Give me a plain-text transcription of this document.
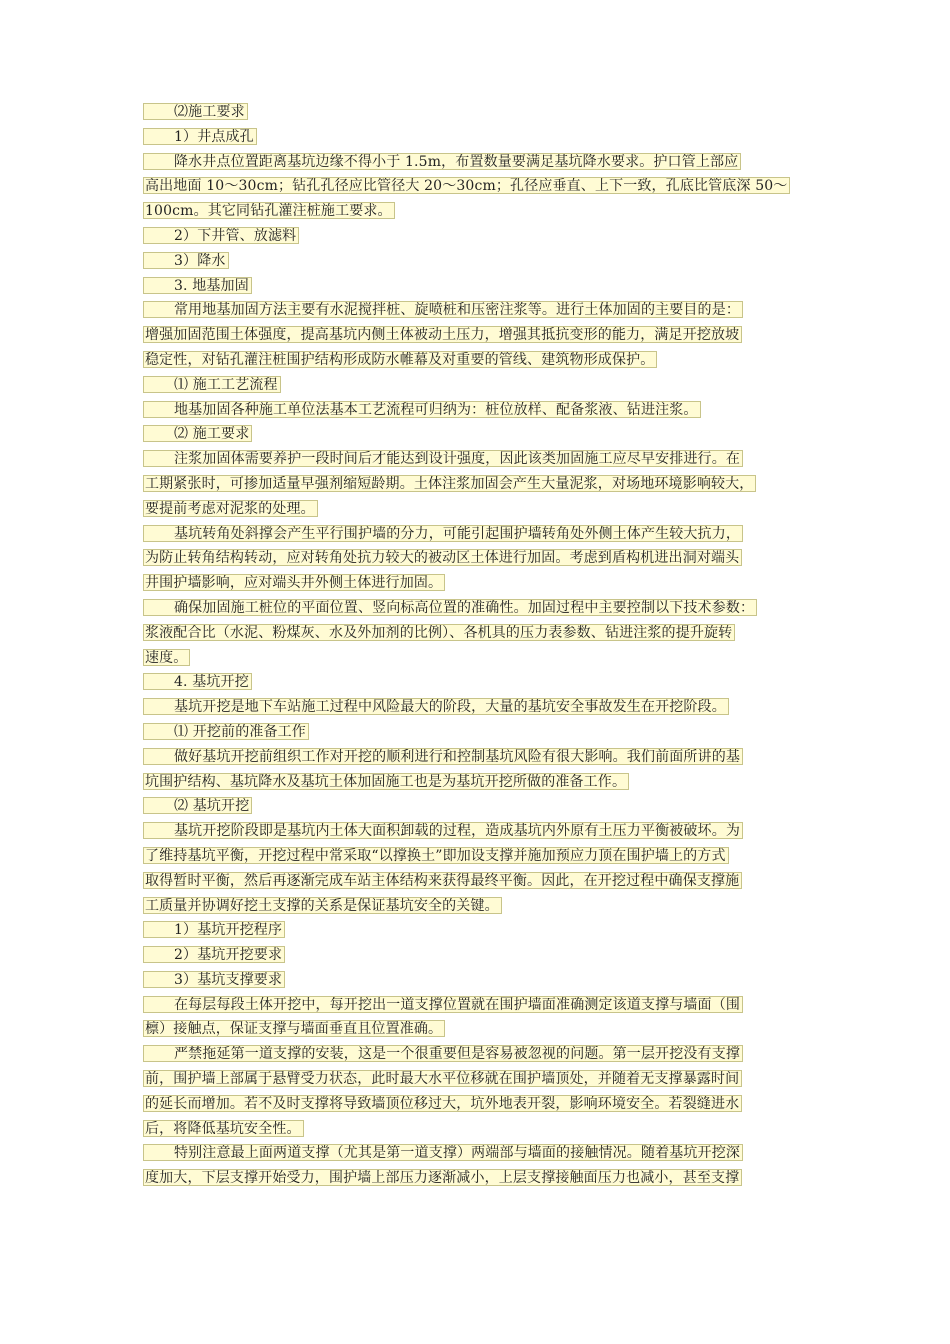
⑵施工要求
1）井点成孔
降水井点位置距离基坑边缘不得小于 1.5m，布置数量要满足基坑降水要求。护口管上部应
高出地面 10～30cm；钻孔孔径应比管径大 20～30cm；孔径应垂直、上下一致，孔底比管底深 50～
100cm。其它同钻孔灌注桩施工要求。
2）下井管、放滤料
3）降水
3. 地基加固
常用地基加固方法主要有水泥搅拌桩、旋喷桩和压密注浆等。进行土体加固的主要目的是：
增强加固范围土体强度，提高基坑内侧土体被动土压力，增强其抵抗变形的能力，满足开挖放坡
稳定性，对钻孔灌注桩围护结构形成防水帷幕及对重要的管线、建筑物形成保护。
⑴ 施工工艺流程
地基加固各种施工单位法基本工艺流程可归纳为：桩位放样、配备浆液、钻进注浆。
⑵ 施工要求
注浆加固体需要养护一段时间后才能达到设计强度，因此该类加固施工应尽早安排进行。在
工期紧张时，可掺加适量早强剂缩短龄期。土体注浆加固会产生大量泥浆，对场地环境影响较大，
要提前考虑对泥浆的处理。
基坑转角处斜撑会产生平行围护墙的分力，可能引起围护墙转角处外侧土体产生较大抗力，
为防止转角结构转动，应对转角处抗力较大的被动区土体进行加固。考虑到盾构机进出洞对端头
井围护墙影响，应对端头井外侧土体进行加固。
确保加固施工桩位的平面位置、竖向标高位置的准确性。加固过程中主要控制以下技术参数：
浆液配合比（水泥、粉煤灰、水及外加剂的比例）、各机具的压力表参数、钻进注浆的提升旋转
速度。
4. 基坑开挖
基坑开挖是地下车站施工过程中风险最大的阶段，大量的基坑安全事故发生在开挖阶段。
⑴ 开挖前的准备工作
做好基坑开挖前组织工作对开挖的顺利进行和控制基坑风险有很大影响。我们前面所讲的基
坑围护结构、基坑降水及基坑土体加固施工也是为基坑开挖所做的准备工作。
⑵ 基坑开挖
基坑开挖阶段即是基坑内土体大面积卸载的过程，造成基坑内外原有土压力平衡被破坏。为
了维持基坑平衡，开挖过程中常采取“以撑换土”即加设支撑并施加预应力顶在围护墙上的方式
取得暂时平衡，然后再逐渐完成车站主体结构来获得最终平衡。因此，在开挖过程中确保支撑施
工质量并协调好挖土支撑的关系是保证基坑安全的关键。
1）基坑开挖程序
2）基坑开挖要求
3）基坑支撑要求
在每层每段土体开挖中，每开挖出一道支撑位置就在围护墙面准确测定该道支撑与墙面（围
檩）接触点，保证支撑与墙面垂直且位置准确。
严禁拖延第一道支撑的安装，这是一个很重要但是容易被忽视的问题。第一层开挖没有支撑
前，围护墙上部属于悬臂受力状态，此时最大水平位移就在围护墙顶处，并随着无支撑暴露时间
的延长而增加。若不及时支撑将导致墙顶位移过大，坑外地表开裂，影响环境安全。若裂缝进水
后，将降低基坑安全性。
特别注意最上面两道支撑（尤其是第一道支撑）两端部与墙面的接触情况。随着基坑开挖深
度加大，下层支撑开始受力，围护墙上部压力逐渐减小，上层支撑接触面压力也减小，甚至支撑
